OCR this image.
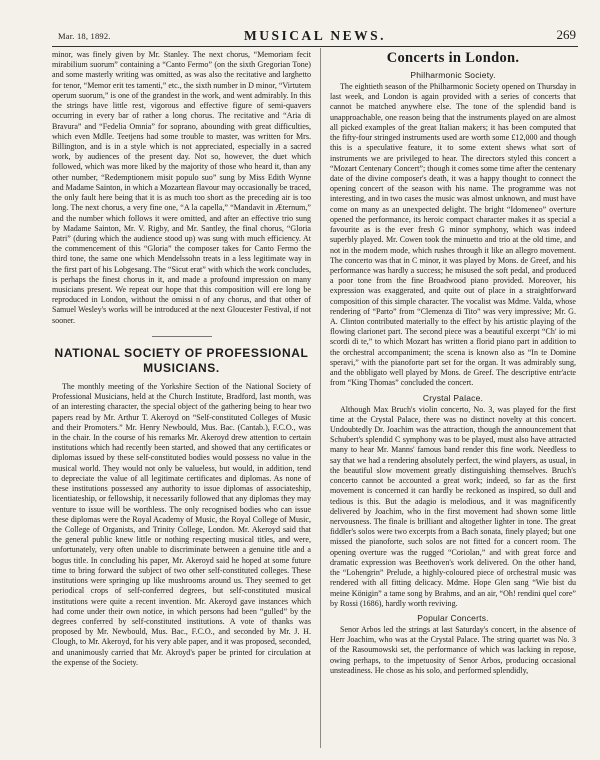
Mar. 18, 1892.	MUSICAL NEWS.	269

minor, was finely given by Mr. Stanley. The next chorus, “Memoriam fecit mirabilium suorum” containing a “Canto Fermo” (on the sixth Gregorian Tone) and some masterly writing was omitted, as was also the recitative and larghetto for tenor, “Memor erit tes tamenti,” etc., the sixth number in D minor, “Virtutem operum suorum,” is one of the grandest in the work, and went admirably. In this the strings have little rest, vigorous and effective figure of semi-quavers occurring in every bar of rather a long chorus. The recitative and “Aria di Bravura” and “Fedelia Omnia” for soprano, abounding with great difficulties, which even Mdlle. Teetjens had some trouble to master, was written for Mrs. Billington, and is in a style which is not appreciated, especially in a sacred work, by audiences of the present day. Not so, however, the duet which followed, which was more liked by the majority of those who heard it, than any other number, “Redemptionem misit populo suo” sung by Miss Edith Wynne and Madame Sainton, in which a Mozartean flavour may occasionally be traced, the only fault here being that it is as much too short as the preceding air is too long. The next chorus, a very fine one, “A la capella,” “Mandavit in Æternum,” and the number which follows it were omitted, and after an effective trio sung by Madame Sainton, Mr. V. Rigby, and Mr. Santley, the final chorus, “Gloria Patri” (during which the audience stood up) was sung with much efficiency. At the commencement of this “Gloria” the composer takes for Canto Fermo the third tone, the same one which Mendelssohn treats in a less legitimate way in the first part of his Lobgesang. The “Sicut erat” with which the work concludes, is perhaps the finest chorus in it, and made a profound impression on many musicians present. We repeat our hope that this composition will ere long be reproduced in London, without the omissi n of any chorus, and that other of Samuel Wesley's works will be introduced at the next Gloucester Festival, if not sooner.

NATIONAL SOCIETY OF PROFESSIONAL MUSICIANS.

The monthly meeting of the Yorkshire Section of the National Society of Professional Musicians, held at the Church Institute, Bradford, last month, was of an interesting character, the special object of the gathering being to hear two papers read by Mr. Arthur T. Akeroyd on “Self-constituted Colleges of Music and their Promoters.” Mr. Henry Newbould, Mus. Bac. (Cantab.), F.C.O., was in the chair. In the course of his remarks Mr. Akeroyd drew attention to certain institutions which had recently been started, and showed that any certificates or diplomas issued by these self-constituted bodies would possess no value in the musical world. They would not only be valueless, but would, in addition, tend to depreciate the value of all legitimate certificates and diplomas. As none of these institutions possessed any authority to issue diplomas of associateship, licentiateship, or fellowship, it necessarily followed that any diplomas they may venture to issue will be worthless. The only recognised bodies who can issue these diplomas were the Royal Academy of Music, the Royal College of Music, the College of Organists, and Trinity College, London. Mr. Akeroyd said that the general public knew little or nothing respecting musical titles, and were, unfortunately, very often unable to discriminate between a genuine title and a bogus title. In concluding his paper, Mr. Akeroyd said he hoped at some future time to bring forward the subject of two other self-constituted colleges. These institutions were springing up like mushrooms around us. They seemed to get periodical crops of self-conferred degrees, but self-constituted musical institutions were quite a recent invention. Mr. Akeroyd gave instances which had come under their own notice, in which persons had been “gulled” by the degrees conferred by self-constituted institutions. A vote of thanks was proposed by Mr. Newbould, Mus. Bac., F.C.O., and seconded by Mr. J. H. Clough, to Mr. Akeroyd, for his very able paper, and it was proposed, seconded, and unanimously carried that Mr. Akroyd's paper be printed for circulation at the expense of the Society.

Concerts in London.
Philharmonic Society.

The eightieth season of the Philharmonic Society opened on Thursday in last week, and London is again provided with a series of concerts that cannot be matched anywhere else. The tone of the splendid band is unapproachable, one reason being that the instruments played on are almost all picked examples of the great Italian makers; it has been computed that the fifty-four stringed instruments used are worth some £12,000 and though this is a speculative feature, it to some extent shews what sort of instruments we are privileged to hear. The directors styled this concert a “Mozart Centenary Concert”; though it comes some time after the centenary date of the divine composer's death, it was a happy thought to connect the opening concert of the season with his name. The programme was not interesting, and in two cases the music was almost unknown, and must have come on many as an unexpected delight. The bright “Idomeneo” overture opened the performance, its heroic compact character makes it as special a favourite as is the ever fresh G minor symphony, which was indeed superbly played. Mr. Cowen took the minuetto and trio at the old time, and not in the modern mode, which rushes through it like an allegro movement. The concerto was that in C minor, it was played by Mons. de Greef, and his performance was hardly a success; he misused the soft pedal, and produced a poor tone from the fine Broadwood piano provided. Moreover, his expression was exaggerated, and quite out of place in a straightforward composition of this simple character. The vocalist was Mdme. Valda, whose rendering of “Parto” from “Clemenza di Tito” was very impressive; Mr. G. A. Clinton contributed materially to the effect by his artistic playing of the flowing clarionet part. The second piece was a beautiful excerpt “Ch' io mi scordi di te,” to which Mozart has written a florid piano part in addition to the orchestral accompaniment; the scena is known also as “In te Domine speravi,” with the pianoforte part set for the organ. It was admirably sung, and the obbligato well played by Mons. de Greef. The descriptive entr'acte from “King Thomas” concluded the concert.

Crystal Palace.

Although Max Bruch's violin concerto, No. 3, was played for the first time at the Crystal Palace, there was no distinct novelty at this concert. Undoubtedly Dr. Joachim was the attraction, though the announcement that Schubert's splendid C symphony was to be played, must also have attracted many to hear Mr. Manns' famous band render this fine work. Needless to say that we had a rendering absolutely perfect, the wind players, as usual, in the beautiful slow movement greatly distinguishing themselves. Bruch's concerto cannot be accounted a great work; indeed, so far as the first movement is concerned it can hardly be reckoned as inspired, so dull and tedious is this. But the adagio is melodious, and it was magnificently delivered by Joachim, who in the first movement had shown some little nervousness. The finale is brilliant and altogether lighter in tone. The great fiddler's solos were two excerpts from a Bach sonata, finely played; but one missed the pianoforte, such solos are not fitted for a concert room. The opening overture was the rugged “Coriolan,” and with great force and dramatic expression was Beethoven's work delivered. On the other hand, the “Lohengrin” Prelude, a highly-coloured piece of orchestral music was rendered with all fitting delicacy. Mdme. Hope Glen sang “Wie bist du meine Königin” a tame song by Brahms, and an air, “Oh! rendini quel core” by Rossi (1686), hardly worth reviving.

Popular Concerts.

Senor Arbos led the strings at last Saturday's concert, in the absence of Herr Joachim, who was at the Crystal Palace. The string quartet was No. 3 of the Rasoumowski set, the performance of which was lacking in repose, owing perhaps, to the impetuosity of Senor Arbos, producing occasional unsteadiness. He chose as his solo, and performed splendidly,
